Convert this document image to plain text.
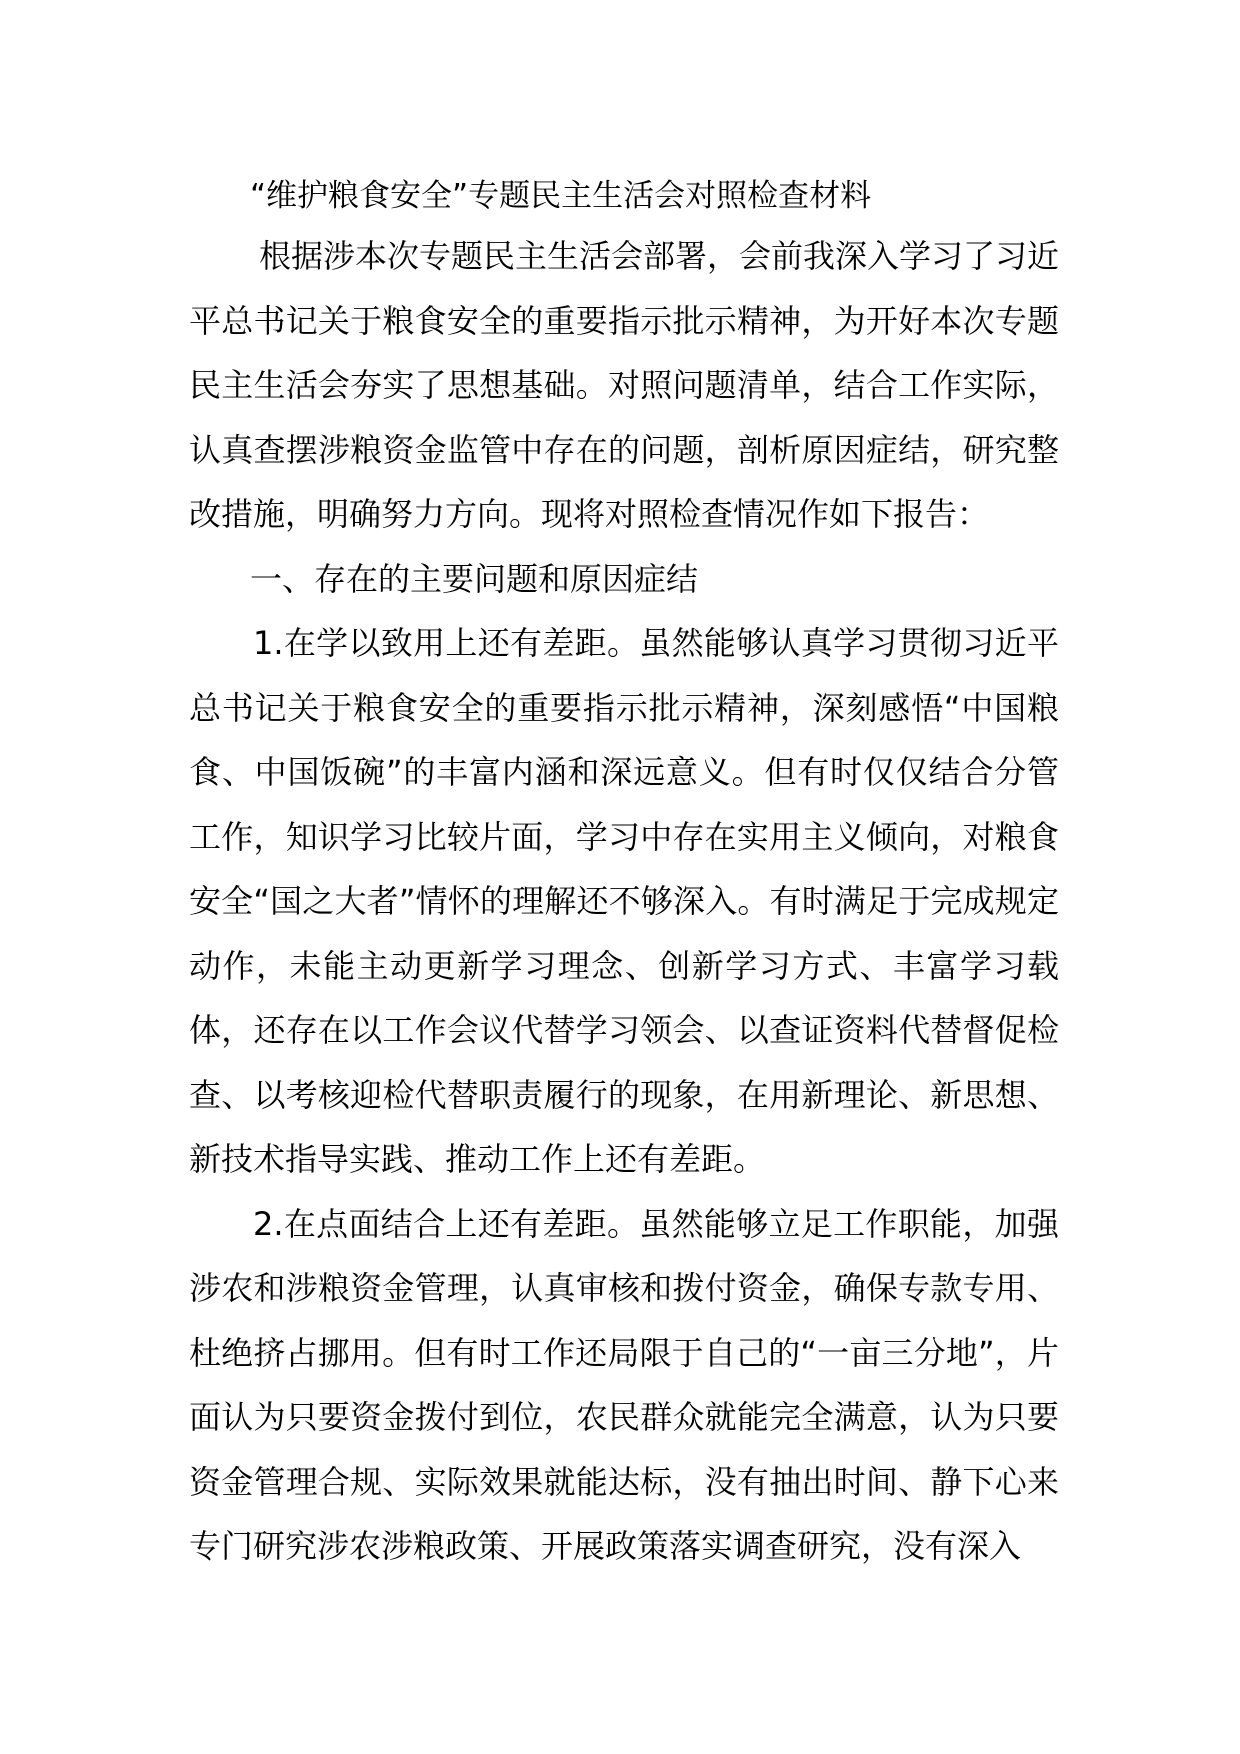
“维护粮食安全”专题民主生活会对照检查材料

根据涉本次专题民主生活会部署，会前我深入学习了习近平总书记关于粮食安全的重要指示批示精神，为开好本次专题民主生活会夯实了思想基础。对照问题清单，结合工作实际，认真查摆涉粮资金监管中存在的问题，剖析原因症结，研究整改措施，明确努力方向。现将对照检查情况作如下报告：

一、存在的主要问题和原因症结

1.在学以致用上还有差距。虽然能够认真学习贯彻习近平总书记关于粮食安全的重要指示批示精神，深刻感悟“中国粮食、中国饭碗”的丰富内涵和深远意义。但有时仅仅结合分管工作，知识学习比较片面，学习中存在实用主义倾向，对粮食安全“国之大者”情怀的理解还不够深入。有时满足于完成规定动作，未能主动更新学习理念、创新学习方式、丰富学习载体，还存在以工作会议代替学习领会、以查证资料代替督促检查、以考核迎检代替职责履行的现象，在用新理论、新思想、新技术指导实践、推动工作上还有差距。

2.在点面结合上还有差距。虽然能够立足工作职能，加强涉农和涉粮资金管理，认真审核和拨付资金，确保专款专用、杜绝挤占挪用。但有时工作还局限于自己的“一亩三分地”，片面认为只要资金拨付到位，农民群众就能完全满意，认为只要资金管理合规、实际效果就能达标，没有抽出时间、静下心来专门研究涉农涉粮政策、开展政策落实调查研究，没有深入
